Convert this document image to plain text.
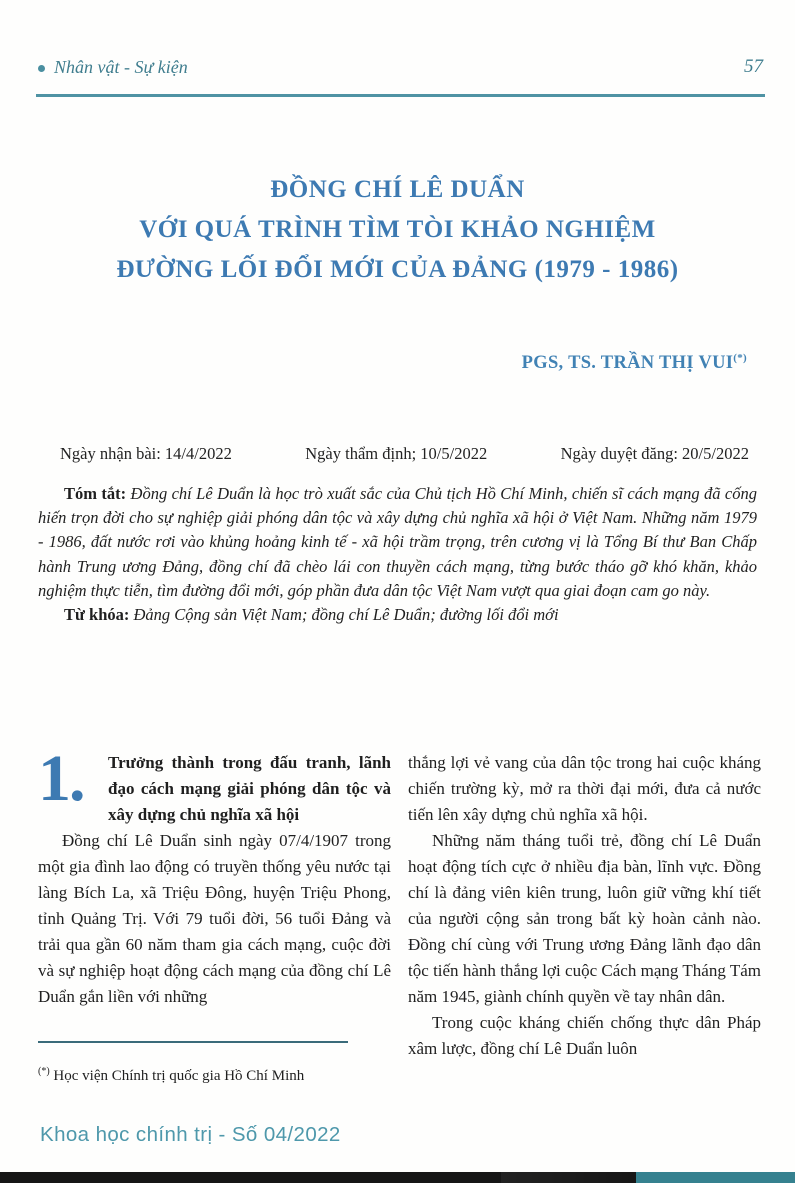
Nhân vật - Sự kiện	57
ĐỒNG CHÍ LÊ DUẨN
VỚI QUÁ TRÌNH TÌM TÒI KHẢO NGHIỆM
ĐƯỜNG LỐI ĐỔI MỚI CỦA ĐẢNG (1979 - 1986)
PGS, TS. TRẦN THỊ VUI(*)
Ngày nhận bài: 14/4/2022	Ngày thẩm định; 10/5/2022	Ngày duyệt đăng: 20/5/2022

Tóm tắt: Đồng chí Lê Duẩn là học trò xuất sắc của Chủ tịch Hồ Chí Minh, chiến sĩ cách mạng đã cống hiến trọn đời cho sự nghiệp giải phóng dân tộc và xây dựng chủ nghĩa xã hội ở Việt Nam. Những năm 1979 - 1986, đất nước rơi vào khủng hoảng kinh tế - xã hội trầm trọng, trên cương vị là Tổng Bí thư Ban Chấp hành Trung ương Đảng, đồng chí đã chèo lái con thuyền cách mạng, từng bước tháo gỡ khó khăn, khảo nghiệm thực tiễn, tìm đường đổi mới, góp phần đưa dân tộc Việt Nam vượt qua giai đoạn cam go này.

Từ khóa: Đảng Cộng sản Việt Nam; đồng chí Lê Duẩn; đường lối đổi mới

1.	Trưởng thành trong đấu tranh, lãnh đạo cách mạng giải phóng dân tộc và xây dựng chủ nghĩa xã hội

Đồng chí Lê Duẩn sinh ngày 07/4/1907 trong một gia đình lao động có truyền thống yêu nước tại làng Bích La, xã Triệu Đông, huyện Triệu Phong, tỉnh Quảng Trị. Với 79 tuổi đời, 56 tuổi Đảng và trải qua gần 60 năm tham gia cách mạng, cuộc đời và sự nghiệp hoạt động cách mạng của đồng chí Lê Duẩn gắn liền với những

(*) Học viện Chính trị quốc gia Hồ Chí Minh

thắng lợi vẻ vang của dân tộc trong hai cuộc kháng chiến trường kỳ, mở ra thời đại mới, đưa cả nước tiến lên xây dựng chủ nghĩa xã hội.

Những năm tháng tuổi trẻ, đồng chí Lê Duẩn hoạt động tích cực ở nhiều địa bàn, lĩnh vực. Đồng chí là đảng viên kiên trung, luôn giữ vững khí tiết của người cộng sản trong bất kỳ hoàn cảnh nào. Đồng chí cùng với Trung ương Đảng lãnh đạo dân tộc tiến hành thắng lợi cuộc Cách mạng Tháng Tám năm 1945, giành chính quyền về tay nhân dân.

Trong cuộc kháng chiến chống thực dân Pháp xâm lược, đồng chí Lê Duẩn luôn

Khoa học chính trị - Số 04/2022
